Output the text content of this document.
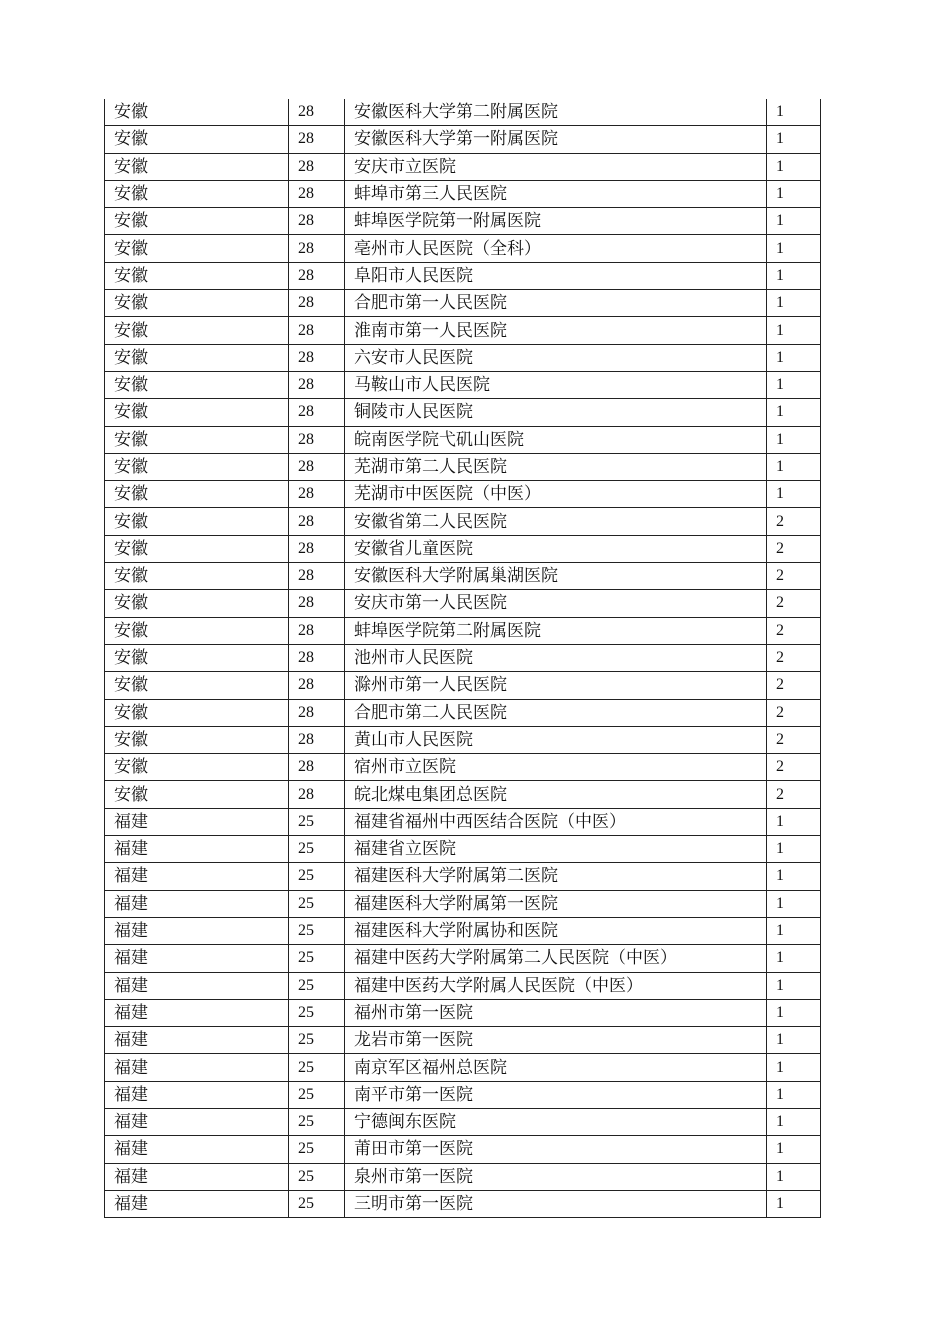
安徽	28	安徽医科大学第二附属医院	1
安徽	28	安徽医科大学第一附属医院	1
安徽	28	安庆市立医院	1
安徽	28	蚌埠市第三人民医院	1
安徽	28	蚌埠医学院第一附属医院	1
安徽	28	亳州市人民医院（全科）	1
安徽	28	阜阳市人民医院	1
安徽	28	合肥市第一人民医院	1
安徽	28	淮南市第一人民医院	1
安徽	28	六安市人民医院	1
安徽	28	马鞍山市人民医院	1
安徽	28	铜陵市人民医院	1
安徽	28	皖南医学院弋矶山医院	1
安徽	28	芜湖市第二人民医院	1
安徽	28	芜湖市中医医院（中医）	1
安徽	28	安徽省第二人民医院	2
安徽	28	安徽省儿童医院	2
安徽	28	安徽医科大学附属巢湖医院	2
安徽	28	安庆市第一人民医院	2
安徽	28	蚌埠医学院第二附属医院	2
安徽	28	池州市人民医院	2
安徽	28	滁州市第一人民医院	2
安徽	28	合肥市第二人民医院	2
安徽	28	黄山市人民医院	2
安徽	28	宿州市立医院	2
安徽	28	皖北煤电集团总医院	2
福建	25	福建省福州中西医结合医院（中医）	1
福建	25	福建省立医院	1
福建	25	福建医科大学附属第二医院	1
福建	25	福建医科大学附属第一医院	1
福建	25	福建医科大学附属协和医院	1
福建	25	福建中医药大学附属第二人民医院（中医）	1
福建	25	福建中医药大学附属人民医院（中医）	1
福建	25	福州市第一医院	1
福建	25	龙岩市第一医院	1
福建	25	南京军区福州总医院	1
福建	25	南平市第一医院	1
福建	25	宁德闽东医院	1
福建	25	莆田市第一医院	1
福建	25	泉州市第一医院	1
福建	25	三明市第一医院	1
